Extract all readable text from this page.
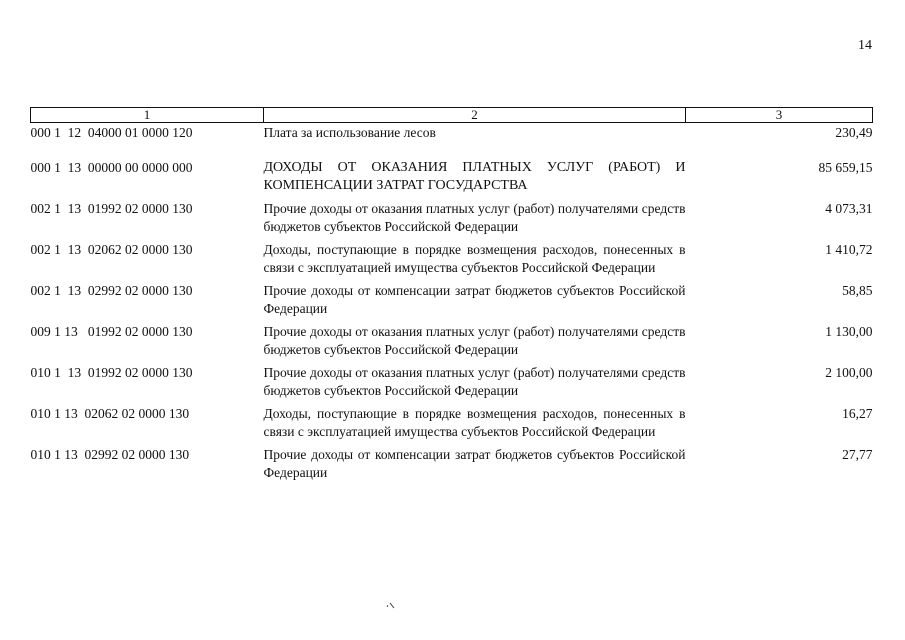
14
1	2	3
000 1  12  04000 01 0000 120	Плата за использование лесов	230,49
000 1  13  00000 00 0000 000	ДОХОДЫ ОТ ОКАЗАНИЯ ПЛАТНЫХ УСЛУГ (РАБОТ) И КОМПЕНСАЦИИ ЗАТРАТ ГОСУДАРСТВА	85 659,15
002 1  13  01992 02 0000 130	Прочие доходы от оказания платных услуг (работ) получателями средств бюджетов субъектов Российской Федерации	4 073,31
002 1  13  02062 02 0000 130	Доходы, поступающие в порядке возмещения расходов, понесенных в связи с эксплуатацией имущества субъектов Российской Федерации	1 410,72
002 1  13  02992 02 0000 130	Прочие доходы от компенсации затрат бюджетов субъектов Российской Федерации	58,85
009 1 13   01992 02 0000 130	Прочие доходы от оказания платных услуг (работ) получателями средств бюджетов субъектов Российской Федерации	1 130,00
010 1  13  01992 02 0000 130	Прочие доходы от оказания платных услуг (работ) получателями средств бюджетов субъектов Российской Федерации	2 100,00
010 1 13  02062 02 0000 130	Доходы, поступающие в порядке возмещения расходов, понесенных в связи с эксплуатацией имущества субъектов Российской Федерации	16,27
010 1 13  02992 02 0000 130	Прочие доходы от компенсации затрат бюджетов субъектов Российской Федерации	27,77
